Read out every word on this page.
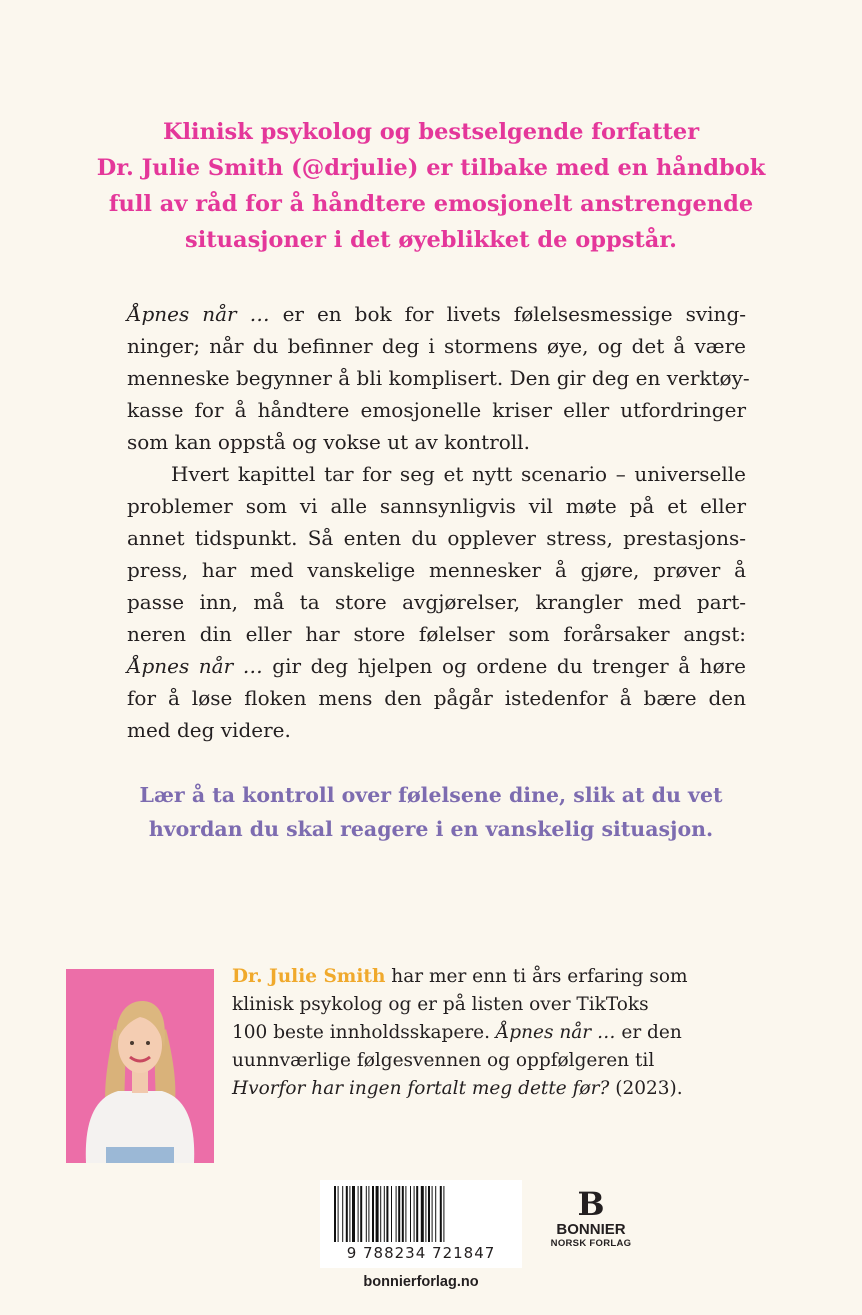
Klinisk psykolog og bestselgende forfatter
Dr. Julie Smith (@drjulie) er tilbake med en håndbok
full av råd for å håndtere emosjonelt anstrengende
situasjoner i det øyeblikket de oppstår.
Åpnes når … er en bok for livets følelsesmessige sving-
ninger; når du befinner deg i stormens øye, og det å være
menneske begynner å bli komplisert. Den gir deg en verktøy-
kasse for å håndtere emosjonelle kriser eller utfordringer
som kan oppstå og vokse ut av kontroll.
Hvert kapittel tar for seg et nytt scenario – universelle
problemer som vi alle sannsynligvis vil møte på et eller
annet tidspunkt. Så enten du opplever stress, prestasjons-
press, har med vanskelige mennesker å gjøre, prøver å
passe inn, må ta store avgjørelser, krangler med part-
neren din eller har store følelser som forårsaker angst:
Åpnes når … gir deg hjelpen og ordene du trenger å høre
for å løse floken mens den pågår istedenfor å bære den
med deg videre.
Lær å ta kontroll over følelsene dine, slik at du vet
hvordan du skal reagere i en vanskelig situasjon.
Dr. Julie Smith har mer enn ti års erfaring som
klinisk psykolog og er på listen over TikToks
100 beste innholdsskapere. Åpnes når … er den
uunnværlige følgesvennen og oppfølgeren til
Hvorfor har ingen fortalt meg dette før? (2023).
9 788234 721847
bonnierforlag.no
B
BONNIER
NORSK FORLAG
